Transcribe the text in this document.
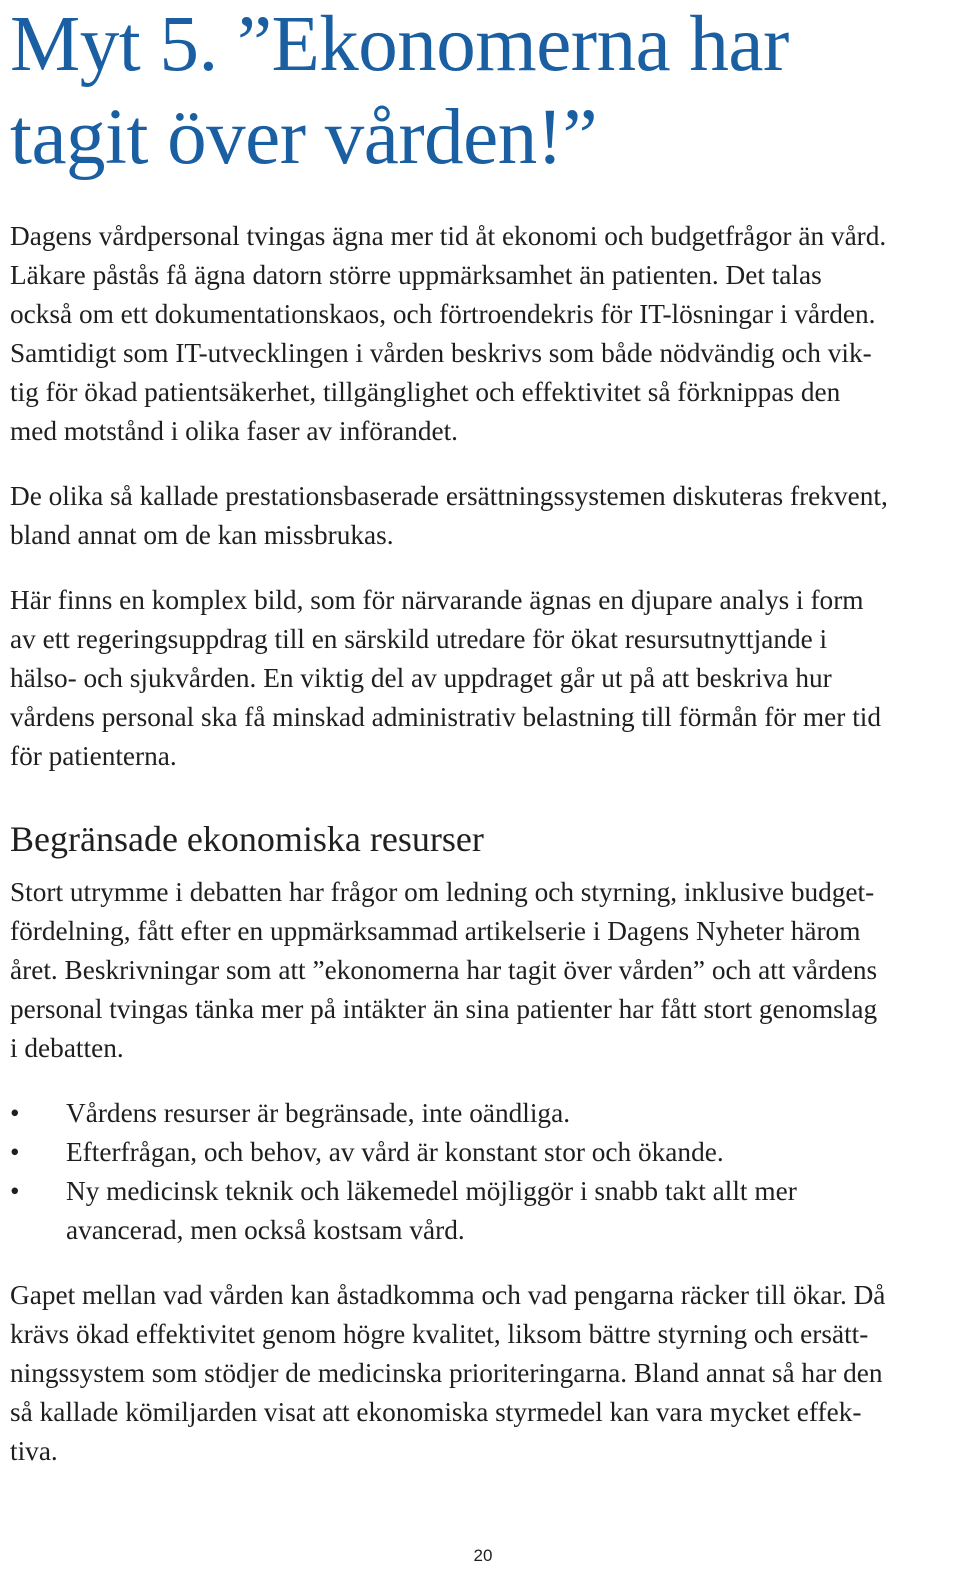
Myt 5. ”Ekonomerna har
tagit över vården!”

Dagens vårdpersonal tvingas ägna mer tid åt ekonomi och budgetfrågor än vård.
Läkare påstås få ägna datorn större uppmärksamhet än patienten. Det talas
också om ett dokumentationskaos, och förtroendekris för IT-lösningar i vården.
Samtidigt som IT-utvecklingen i vården beskrivs som både nödvändig och vik-
tig för ökad patientsäkerhet, tillgänglighet och effektivitet så förknippas den
med motstånd i olika faser av införandet.

De olika så kallade prestationsbaserade ersättningssystemen diskuteras frekvent,
bland annat om de kan missbrukas.

Här finns en komplex bild, som för närvarande ägnas en djupare analys i form
av ett regeringsuppdrag till en särskild utredare för ökat resursutnyttjande i
hälso- och sjukvården. En viktig del av uppdraget går ut på att beskriva hur
vårdens personal ska få minskad administrativ belastning till förmån för mer tid
för patienterna.

Begränsade ekonomiska resurser

Stort utrymme i debatten har frågor om ledning och styrning, inklusive budget-
fördelning, fått efter en uppmärksammad artikelserie i Dagens Nyheter härom
året. Beskrivningar som att ”ekonomerna har tagit över vården” och att vårdens
personal tvingas tänka mer på intäkter än sina patienter har fått stort genomslag
i debatten.

• Vårdens resurser är begränsade, inte oändliga.
• Efterfrågan, och behov, av vård är konstant stor och ökande.
• Ny medicinsk teknik och läkemedel möjliggör i snabb takt allt mer
avancerad, men också kostsam vård.

Gapet mellan vad vården kan åstadkomma och vad pengarna räcker till ökar. Då
krävs ökad effektivitet genom högre kvalitet, liksom bättre styrning och ersätt-
ningssystem som stödjer de medicinska prioriteringarna. Bland annat så har den
så kallade kömiljarden visat att ekonomiska styrmedel kan vara mycket effek-
tiva.

20
